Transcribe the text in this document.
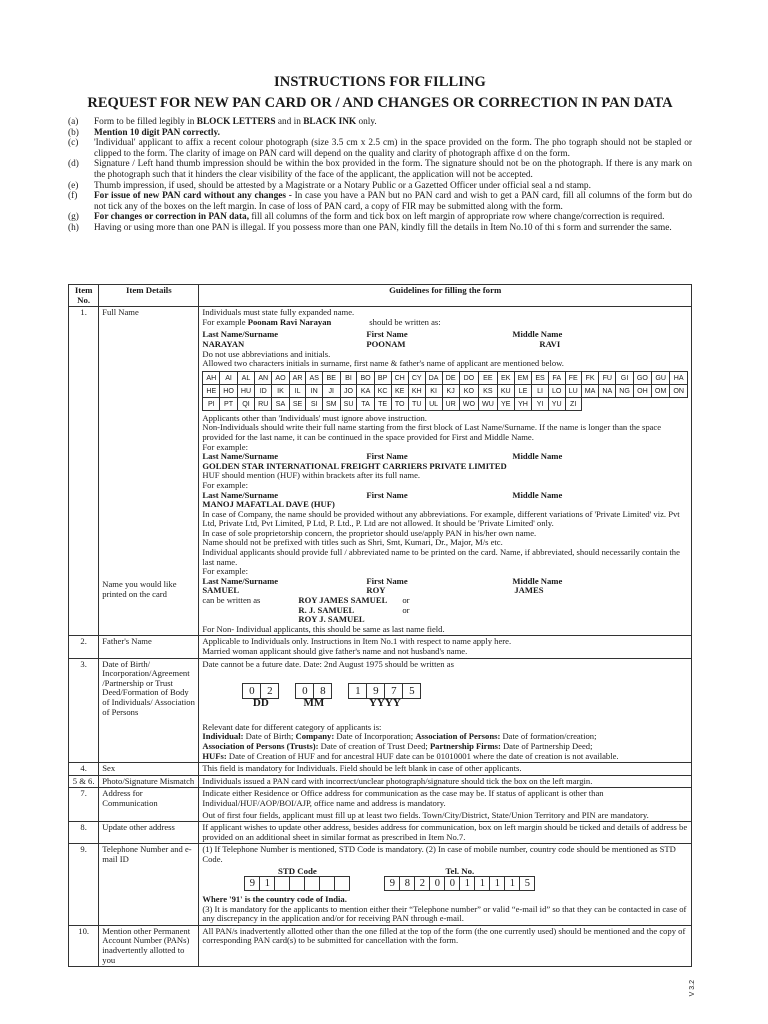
INSTRUCTIONS FOR FILLING
REQUEST FOR NEW PAN CARD OR / AND CHANGES OR CORRECTION IN PAN DATA
(a)	Form to be filled legibly in BLOCK LETTERS and in BLACK INK only.
(b)	Mention 10 digit PAN correctly.
(c)	'Individual' applicant to affix a recent colour photograph (size 3.5 cm x 2.5 cm) in the space provided on the form. The pho tograph should not be stapled or clipped to the form. The clarity of image on PAN card will depend on the quality and clarity of photograph affixe d on the form.
(d)	Signature / Left hand thumb impression should be within the box provided in the form. The signature should not be on the photograph. If there is any mark on the photograph such that it hinders the clear visibility of the face of the applicant, the application will not be accepted.
(e)	Thumb impression, if used, should be attested by a Magistrate or a Notary Public or a Gazetted Officer under official seal a nd stamp.
(f)	For issue of new PAN card without any changes - In case you have a PAN but no PAN card and wish to get a PAN card, fill all columns of the form but do not tick any of the boxes on the left margin. In case of loss of PAN card, a copy of FIR may be submitted along with the form.
(g)	For changes or correction in PAN data, fill all columns of the form and tick box on left margin of appropriate row where change/correction is required.
(h)	Having or using more than one PAN is illegal. If you possess more than one PAN, kindly fill the details in Item No.10 of thi s form and surrender the same.
Item No.	Item Details	Guidelines for filling the form
1.	Full Name
Name you would like printed on the card

Individuals must state fully expanded name.
For example Poonam Ravi Narayan	should be written as:
Last Name/Surname	First Name	Middle Name
NARAYAN	POONAM	RAVI
Do not use abbreviations and initials.
Allowed two characters initials in surname, first name & father's name of applicant are mentioned below.
AH	AI	AL	AN	AO	AR	AS	BE	BI	BO	BP	CH	CY	DA	DE	DO	EE	EK	EM	ES	FA	FE	FK	FU	GI	GO	GU	HA
HE	HO	HU	ID	IK	IL	IN	JI	JO	KA	KC	KE	KH	KI	KJ	KO	KS	KU	LE	LI	LO	LU	MA	NA	NG	OH	OM	ON
PI	PT	QI	RU	SA	SE	SI	SM	SU	TA	TE	TO	TU	UL	UR	WO	WU	YE	YH	YI	YU	ZI
Applicants other than 'Individuals' must ignore above instruction.
Non-Individuals should write their full name starting from the first block of Last Name/Surname. If the name is longer than the space provided for the last name, it can be continued in the space provided for First and Middle Name.
For example:
Last Name/Surname	First Name	Middle Name
GOLDEN STAR INTERNATIONAL FREIGHT CARRIERS PRIVATE LIMITED
HUF should mention (HUF) within brackets after its full name.
For example:
Last Name/Surname	First Name	Middle Name
MANOJ MAFATLAL DAVE (HUF)
In case of Company, the name should be provided without any abbreviations. For example, different variations of 'Private Limited' viz. Pvt Ltd, Private Ltd, Pvt Limited, P Ltd, P. Ltd., P. Ltd are not allowed. It should be 'Private Limited' only.
In case of sole proprietorship concern, the proprietor should use/apply PAN in his/her own name.
Name should not be prefixed with titles such as Shri, Smt, Kumari, Dr., Major, M/s etc.
Individual applicants should provide full / abbreviated name to be printed on the card. Name, if abbreviated, should necessarily contain the last name.
For example:
Last Name/Surname	First Name	Middle Name
SAMUEL	ROY	JAMES
can be written as	ROY JAMES SAMUEL	or
R. J. SAMUEL	or
ROY J. SAMUEL
For Non- Individual applicants, this should be same as last name field.

2.	Father's Name	Applicable to Individuals only. Instructions in Item No.1 with respect to name apply here.
Married woman applicant should give father's name and not husband's name.

3.	Date of Birth/ Incorporation/Agreement /Partnership or Trust Deed/Formation of Body of Individuals/ Association of Persons	
Date cannot be a future date. Date: 2nd August 1975 should be written as
0	2
DD
0	8
MM
1	9	7	5
YYYY
Relevant date for different category of applicants is:
Individual: Date of Birth; Company: Date of Incorporation; Association of Persons: Date of formation/creation;
Association of Persons (Trusts): Date of creation of Trust Deed; Partnership Firms: Date of Partnership Deed;
HUFs: Date of Creation of HUF and for ancestral HUF date can be 01010001 where the date of creation is not available.

4.	Sex	This field is mandatory for Individuals. Field should be left blank in case of other applicants.
5 & 6.	Photo/Signature Mismatch	Individuals issued a PAN card with incorrect/unclear photograph/signature should tick the box on the left margin.
7.	Address for Communication	
Indicate either Residence or Office address for communication as the case may be. If status of applicant is other than Individual/HUF/AOP/BOI/AJP, office name and address is mandatory.
Out of first four fields, applicant must fill up at least two fields. Town/City/District, State/Union Territory and PIN are mandatory.

8.	Update other address	If applicant wishes to update other address, besides address for communication, box on left margin should be ticked and details of address be provided on an additional sheet in similar format as prescribed in Item No.7.
9.	Telephone Number and e-mail ID	
(1) If Telephone Number is mentioned, STD Code is mandatory. (2) In case of mobile number, country code should be mentioned as STD Code.
STD Code
9 1
Tel. No.
9 8 2 0 0 1 1 1 1 5
Where '91' is the country code of India.
(3) It is mandatory for the applicants to mention either their “Telephone number” or valid “e-mail id” so that they can be contacted in case of any discrepancy in the application and/or for receiving PAN through e-mail.

10.	Mention other Permanent Account Number (PANs) inadvertently allotted to you	All PAN/s inadvertently allotted other than the one filled at the top of the form (the one currently used) should be mentioned and the copy of corresponding PAN card(s) to be submitted for cancellation with the form.
V 3.2
